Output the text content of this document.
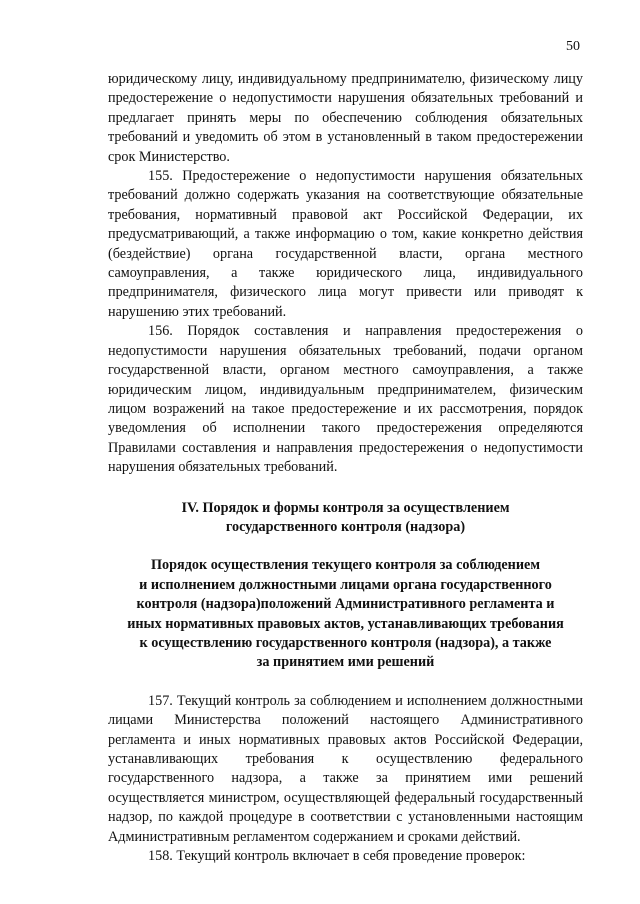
50

юридическому лицу, индивидуальному предпринимателю, физическому лицу предостережение о недопустимости нарушения обязательных требований и предлагает принять меры по обеспечению соблюдения обязательных требований и уведомить об этом в установленный в таком предостережении срок Министерство.

155. Предостережение о недопустимости нарушения обязательных требований должно содержать указания на соответствующие обязательные требования, нормативный правовой акт Российской Федерации, их предусматривающий, а также информацию о том, какие конкретно действия (бездействие) органа государственной власти, органа местного самоуправления, а также юридического лица, индивидуального предпринимателя, физического лица могут привести или приводят к нарушению этих требований.

156. Порядок составления и направления предостережения о недопустимости нарушения обязательных требований, подачи органом государственной власти, органом местного самоуправления, а также юридическим лицом, индивидуальным предпринимателем, физическим лицом возражений на такое предостережение и их рассмотрения, порядок уведомления об исполнении такого предостережения определяются Правилами составления и направления предостережения о недопустимости нарушения обязательных требований.

IV. Порядок и формы контроля за осуществлением
государственного контроля (надзора)
Порядок осуществления текущего контроля за соблюдением
и исполнением должностными лицами органа государственного
контроля (надзора)положений Административного регламента и
иных нормативных правовых актов, устанавливающих требования
к осуществлению государственного контроля (надзора), а также
за принятием ими решений

157. Текущий контроль за соблюдением и исполнением должностными лицами Министерства положений настоящего Административного регламента и иных нормативных правовых актов Российской Федерации, устанавливающих требования к осуществлению федерального государственного надзора, а также за принятием ими решений осуществляется министром, осуществляющей федеральный государственный надзор, по каждой процедуре в соответствии с установленными настоящим Административным регламентом содержанием и сроками действий.

158. Текущий контроль включает в себя проведение проверок:
